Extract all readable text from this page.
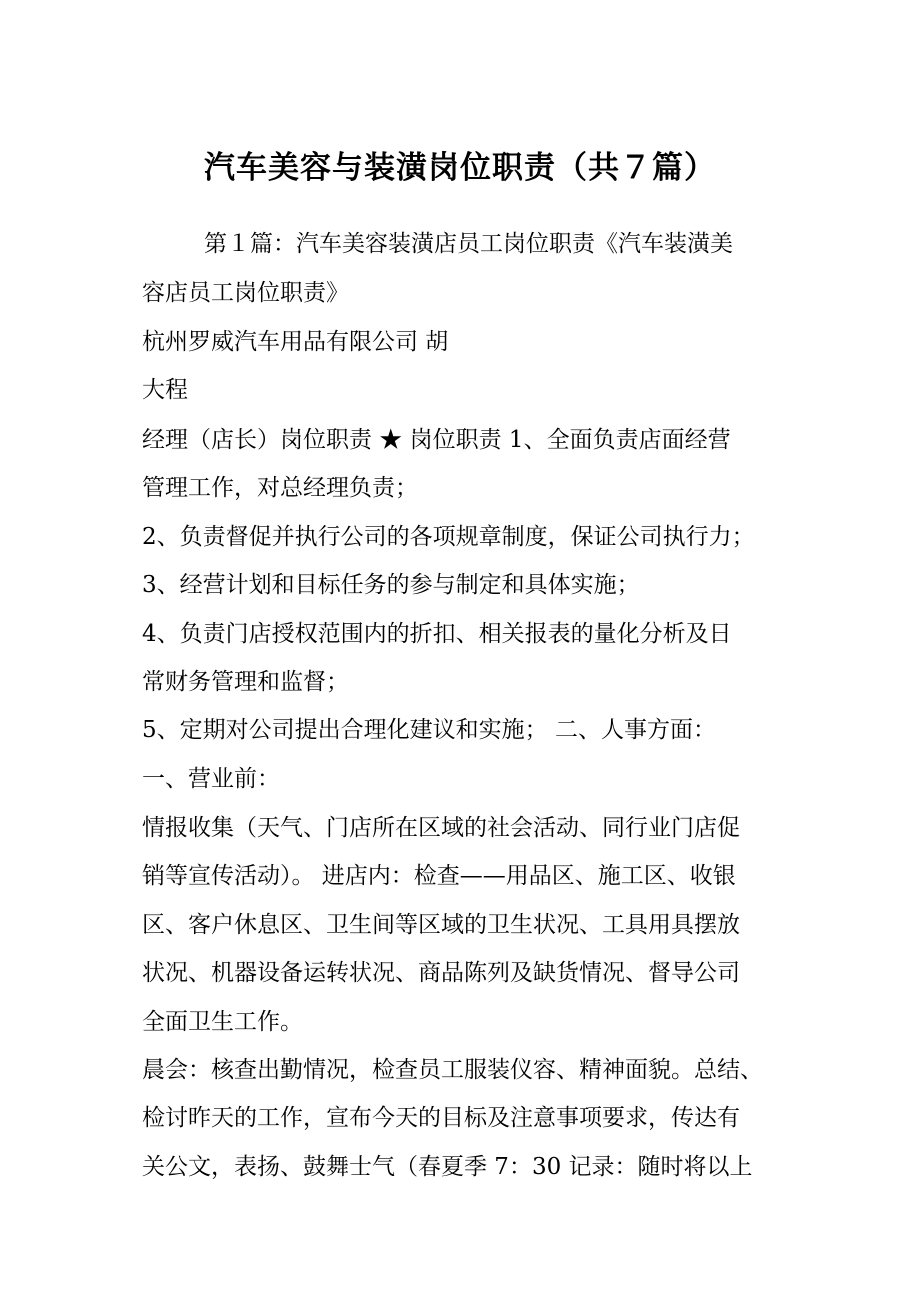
汽车美容与装潢岗位职责（共７篇）
第１篇：汽车美容装潢店员工岗位职责《汽车装潢美
容店员工岗位职责》
杭州罗威汽车用品有限公司 胡
大程
经理（店长）岗位职责 ★ 岗位职责 1、全面负责店面经营
管理工作，对总经理负责；
2、负责督促并执行公司的各项规章制度，保证公司执行力；
3、经营计划和目标任务的参与制定和具体实施；
4、负责门店授权范围内的折扣、相关报表的量化分析及日
常财务管理和监督；
5、定期对公司提出合理化建议和实施； 二、人事方面：
一、营业前：
情报收集（天气、门店所在区域的社会活动、同行业门店促
销等宣传活动）。 进店内：检查——用品区、施工区、收银
区、客户休息区、卫生间等区域的卫生状况、工具用具摆放
状况、机器设备运转状况、商品陈列及缺货情况、督导公司
全面卫生工作。
晨会：核查出勤情况，检查员工服装仪容、精神面貌。总结、
检讨昨天的工作，宣布今天的目标及注意事项要求，传达有
关公文，表扬、鼓舞士气（春夏季 7：30 记录：随时将以上
